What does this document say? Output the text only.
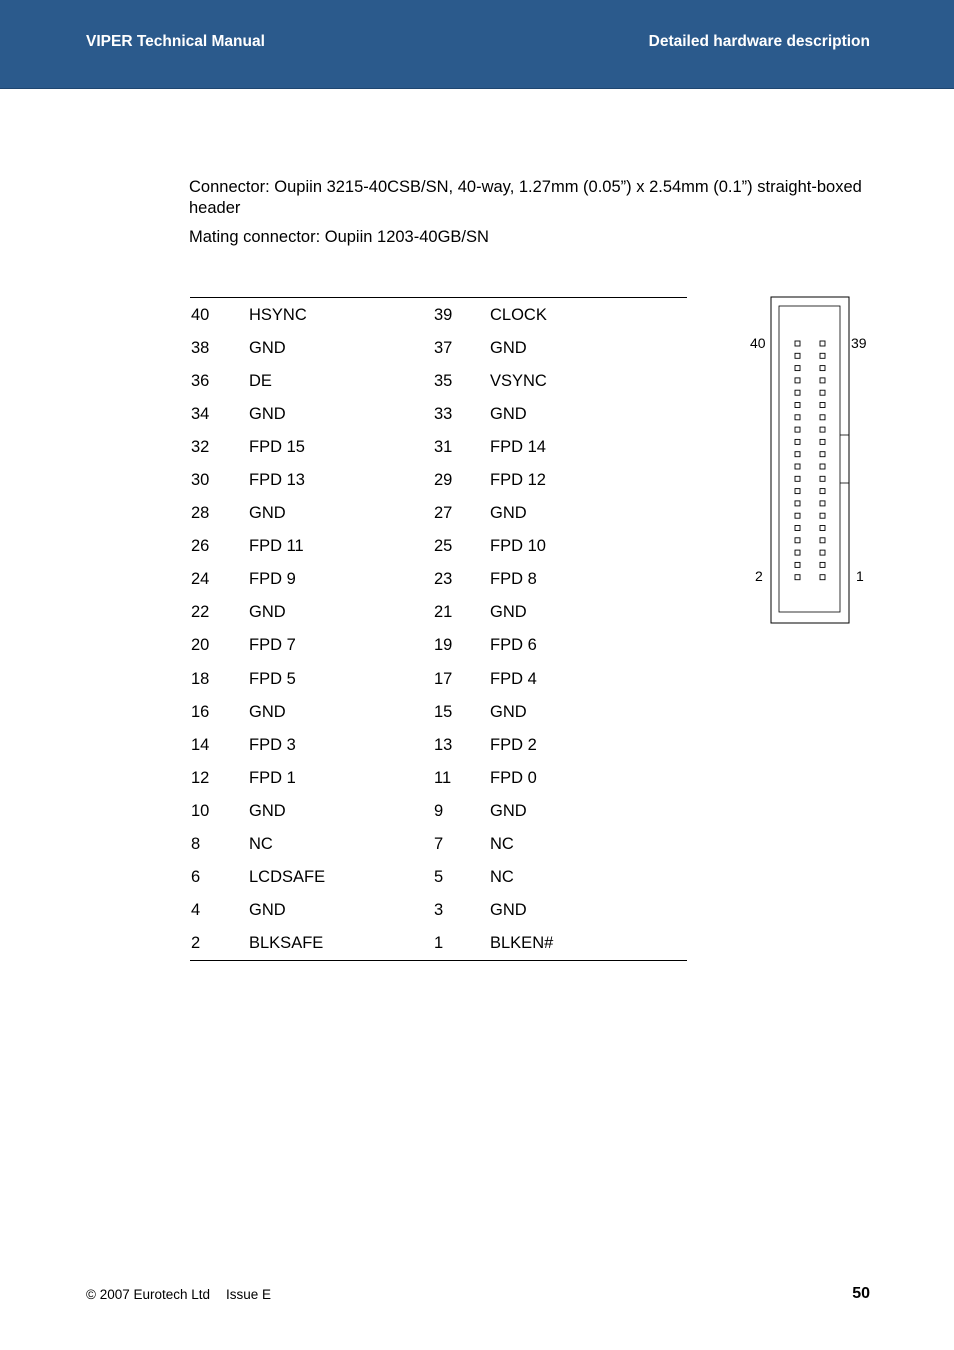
VIPER Technical Manual	Detailed hardware description

Connector: Oupiin 3215-40CSB/SN, 40-way, 1.27mm (0.05”) x 2.54mm (0.1”) straight-boxed header

Mating connector: Oupiin 1203-40GB/SN

40	HSYNC	39	CLOCK
38	GND	37	GND
36	DE	35	VSYNC
34	GND	33	GND
32	FPD 15	31	FPD 14
30	FPD 13	29	FPD 12
28	GND	27	GND
26	FPD 11	25	FPD 10
24	FPD 9	23	FPD 8
22	GND	21	GND
20	FPD 7	19	FPD 6
18	FPD 5	17	FPD 4
16	GND	15	GND
14	FPD 3	13	FPD 2
12	FPD 1	11	FPD 0
10	GND	9	GND
8	NC	7	NC
6	LCDSAFE	5	NC
4	GND	3	GND
2	BLKSAFE	1	BLKEN#
40	39
2	1
© 2007 Eurotech Ltd Issue E	50
